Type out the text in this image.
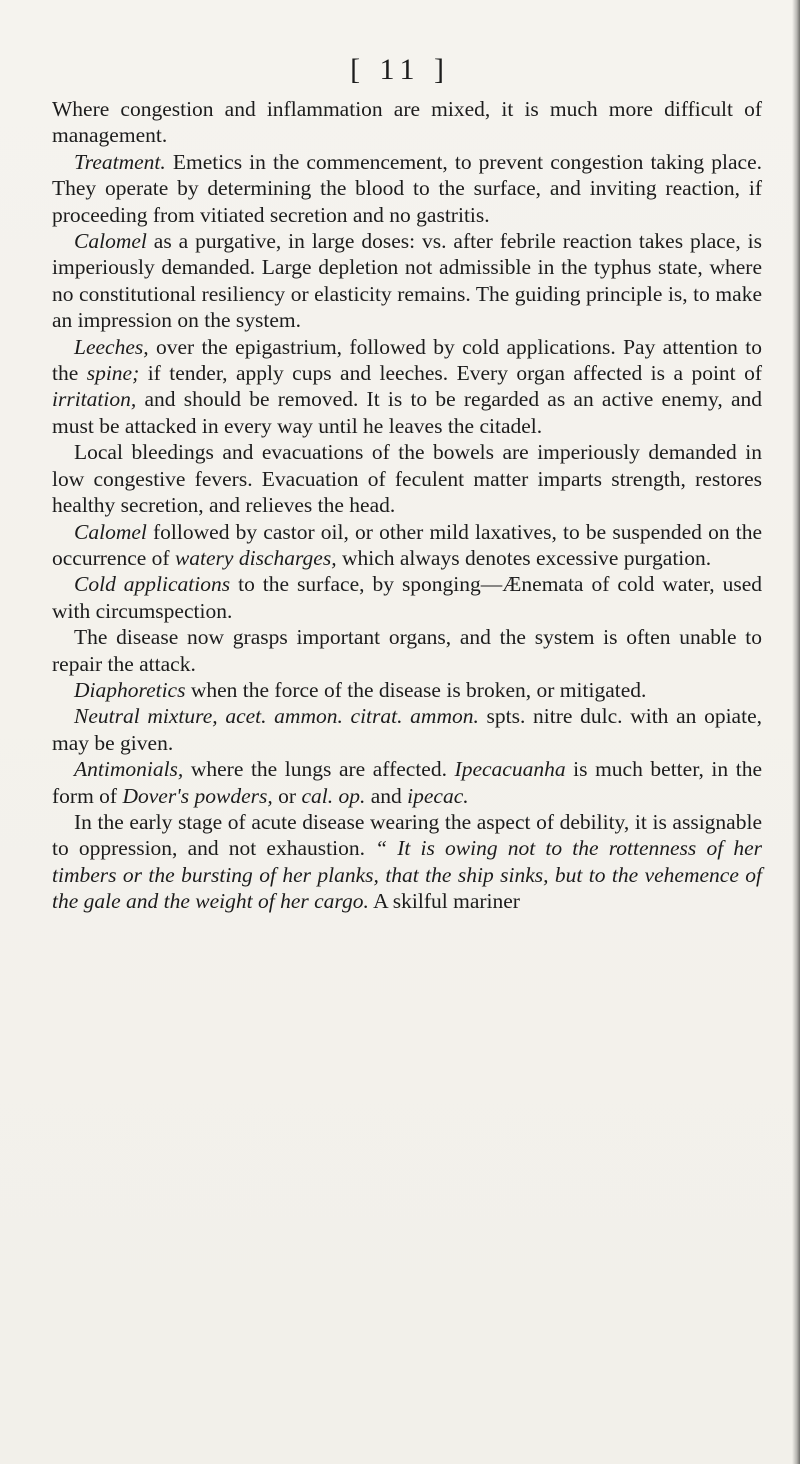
[ 11 ]

Where congestion and inflammation are mixed, it is much more difficult of management.

Treatment. Emetics in the commencement, to prevent congestion taking place. They operate by determining the blood to the surface, and inviting reaction, if proceeding from vitiated secretion and no gastritis.

Calomel as a purgative, in large doses: vs. after febrile reaction takes place, is imperiously demanded. Large depletion not admissible in the typhus state, where no constitutional resiliency or elasticity remains. The guiding principle is, to make an impression on the system.

Leeches, over the epigastrium, followed by cold applications. Pay attention to the spine; if tender, apply cups and leeches. Every organ affected is a point of irritation, and should be removed. It is to be regarded as an active enemy, and must be attacked in every way until he leaves the citadel.

Local bleedings and evacuations of the bowels are imperiously demanded in low congestive fevers. Evacuation of feculent matter imparts strength, restores healthy secretion, and relieves the head.

Calomel followed by castor oil, or other mild laxatives, to be suspended on the occurrence of watery discharges, which always denotes excessive purgation.

Cold applications to the surface, by sponging—Ænemata of cold water, used with circumspection.

The disease now grasps important organs, and the system is often unable to repair the attack.

Diaphoretics when the force of the disease is broken, or mitigated.

Neutral mixture, acet. ammon. citrat. ammon. spts. nitre dulc. with an opiate, may be given.

Antimonials, where the lungs are affected. Ipecacuanha is much better, in the form of Dover's powders, or cal. op. and ipecac.

In the early stage of acute disease wearing the aspect of debility, it is assignable to oppression, and not exhaustion. “ It is owing not to the rottenness of her timbers or the bursting of her planks, that the ship sinks, but to the vehemence of the gale and the weight of her cargo. A skilful mariner
